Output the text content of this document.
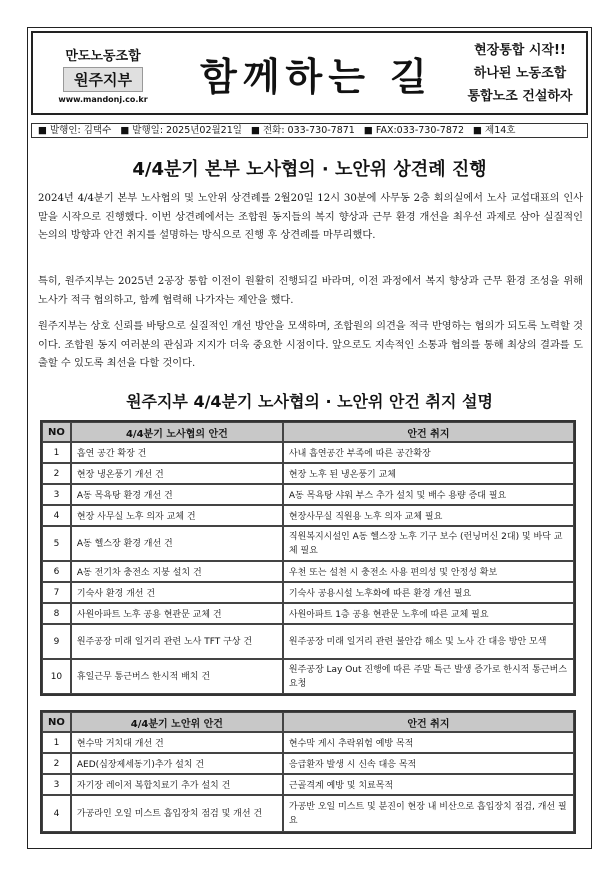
만도노동조합
원주지부
www.mandonj.co.kr
함께하는 길
현장통합 시작!!
하나된 노동조합
통합노조 건설하자
■ 발행인: 김택수 ■ 발행일: 2025년02월21일 ■ 전화: 033-730-7871 ■ FAX:033-730-7872 ■ 제14호
4/4분기 본부 노사협의 · 노안위 상견례 진행

2024년 4/4분기 본부 노사협의 및 노안위 상견례를 2월20일 12시 30분에 사무동 2층 회의실에서 노사 교섭대표의 인사말을 시작으로 진행했다. 이번 상견례에서는 조합원 동지들의 복지 향상과 근무 환경 개선을 최우선 과제로 삼아 실질적인 논의의 방향과 안건 취지를 설명하는 방식으로 진행 후 상견례를 마무리했다.

특히, 원주지부는 2025년 2공장 통합 이전이 원활히 진행되길 바라며, 이전 과정에서 복지 향상과 근무 환경 조성을 위해 노사가 적극 협의하고, 함께 협력해 나가자는 제안을 했다.

원주지부는 상호 신뢰를 바탕으로 실질적인 개선 방안을 모색하며, 조합원의 의견을 적극 반영하는 협의가 되도록 노력할 것이다. 조합원 동지 여러분의 관심과 지지가 더욱 중요한 시점이다. 앞으로도 지속적인 소통과 협의를 통해 최상의 결과를 도출할 수 있도록 최선을 다할 것이다.

원주지부 4/4분기 노사협의 · 노안위 안건 취지 설명
NO	4/4분기 노사협의 안건	안건 취지
1	흡연 공간 확장 건	사내 흡연공간 부족에 따른 공간확장
2	현장 냉온풍기 개선 건	현장 노후 된 냉온풍기 교체
3	A동 목욕탕 환경 개선 건	A동 목욕탕 샤워 부스 추가 설치 및 배수 용량 증대 필요
4	현장 사무실 노후 의자 교체 건	현장사무실 직원용 노후 의자 교체 필요
5	A동 헬스장 환경 개선 건	직원복지시설인 A동 헬스장 노후 기구 보수 (런닝머신 2대) 및 바닥 교체 필요
6	A동 전기차 충전소 지붕 설치 건	우천 또는 설천 시 충전소 사용 편의성 및 안정성 확보
7	기숙사 환경 개선 건	기숙사 공용시설 노후화에 따른 환경 개선 필요
8	사원아파트 노후 공용 현관문 교체 건	사원아파트 1층 공용 현관문 노후에 따른 교체 필요
9	원주공장 미래 일거리 관련 노사 TFT 구상 건	원주공장 미래 일거리 관련 불안감 해소 및 노사 간 대응 방안 모색
10	휴일근무 통근버스 한시적 배치 건	원주공장 Lay Out 진행에 따른 주말 특근 발생 증가로 한시적 통근버스 요청
NO	4/4분기 노안위 안건	안건 취지
1	현수막 거치대 개선 건	현수막 게시 추락위험 예방 목적
2	AED(심장제세동기)추가 설치 건	응급환자 발생 시 신속 대응 목적
3	자기장 레이저 복합치료기 추가 설치 건	근골격계 예방 및 치료목적
4	가공라인 오일 미스트 흡입장치 점검 및 개선 건	가공반 오일 미스트 및 분진이 현장 내 비산으로 흡입장치 점검, 개선 필요
